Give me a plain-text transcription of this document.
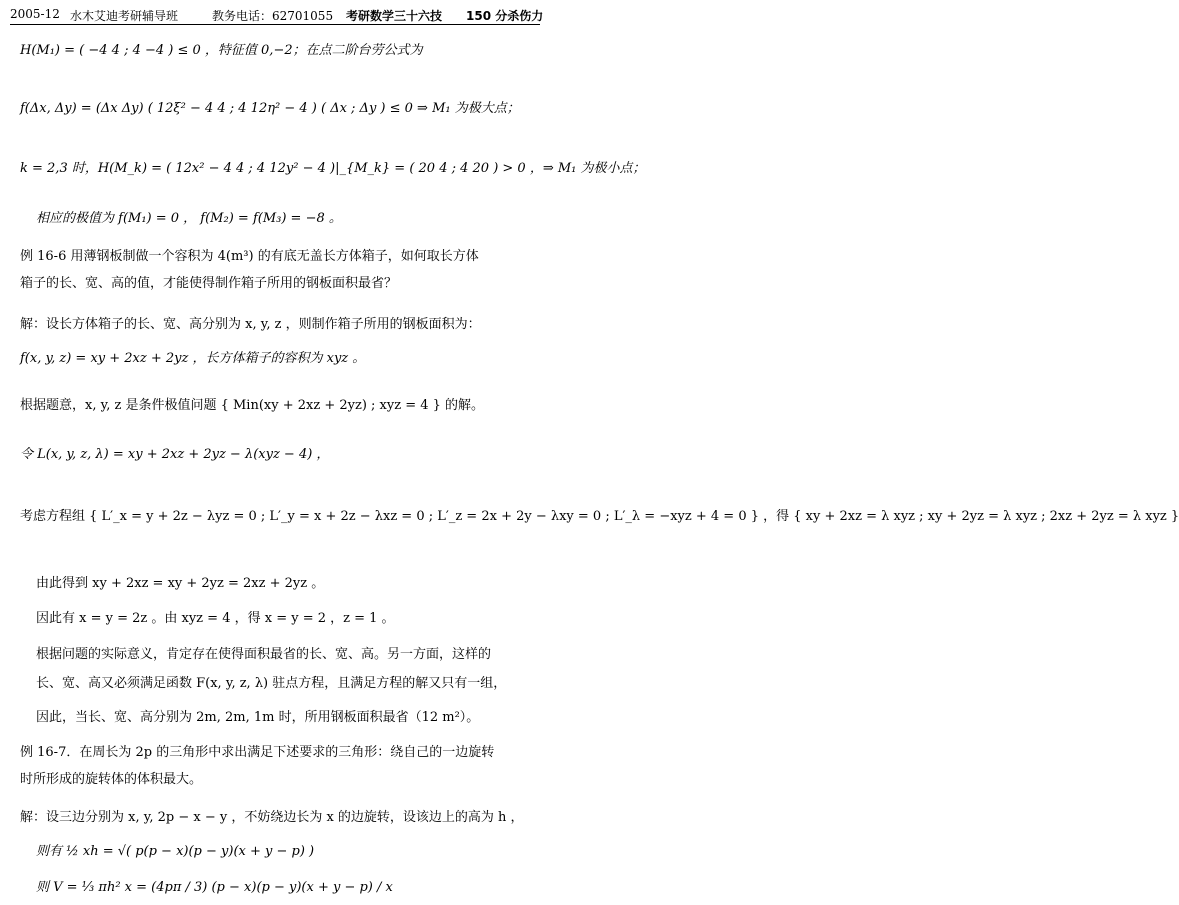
2005-12 水木艾迪考研辅导班	教务电话：62701055 考研数学三十六技 150 分杀伤力
H(M₁) = ( −4 4 ; 4 −4 ) ≤ 0 ，特征值 0,−2；在点二阶台劳公式为
f(Δx, Δy) = (Δx Δy) ( 12ξ² − 4 4 ; 4 12η² − 4 ) ( Δx ; Δy ) ≤ 0 ⇒ M₁ 为极大点；
k = 2,3 时，H(M_k) = ( 12x² − 4 4 ; 4 12y² − 4 )|_{M_k} = ( 20 4 ; 4 20 ) > 0 ，⇒ M₁ 为极小点；
相应的极值为 f(M₁) = 0 ， f(M₂) = f(M₃) = −8 。
例 16-6 用薄钢板制做一个容积为 4(m³) 的有底无盖长方体箱子，如何取长方体
箱子的长、宽、高的值，才能使得制作箱子所用的钢板面积最省？
解：设长方体箱子的长、宽、高分别为 x, y, z ，则制作箱子所用的钢板面积为：
f(x, y, z) = xy + 2xz + 2yz ，长方体箱子的容积为 xyz 。
根据题意，x, y, z 是条件极值问题 { Min(xy + 2xz + 2yz) ; xyz = 4 } 的解。
令 L(x, y, z, λ) = xy + 2xz + 2yz − λ(xyz − 4) ，
考虑方程组 { L′_x = y + 2z − λyz = 0 ; L′_y = x + 2z − λxz = 0 ; L′_z = 2x + 2y − λxy = 0 ; L′_λ = −xyz + 4 = 0 } ，得 { xy + 2xz = λ xyz ; xy + 2yz = λ xyz ; 2xz + 2yz = λ xyz }
由此得到 xy + 2xz = xy + 2yz = 2xz + 2yz 。
因此有 x = y = 2z 。由 xyz = 4 ，得 x = y = 2 ，z = 1 。
根据问题的实际意义，肯定存在使得面积最省的长、宽、高。另一方面，这样的
长、宽、高又必须满足函数 F(x, y, z, λ) 驻点方程，且满足方程的解又只有一组，
因此，当长、宽、高分别为 2m, 2m, 1m 时，所用钢板面积最省（12 m²）。
例 16-7．在周长为 2p 的三角形中求出满足下述要求的三角形：绕自己的一边旋转
时所形成的旋转体的体积最大。
解：设三边分别为 x, y, 2p − x − y ，不妨绕边长为 x 的边旋转，设该边上的高为 h ，
则有 ½ xh = √( p(p − x)(p − y)(x + y − p) )
则 V = ⅓ πh² x = (4pπ / 3) (p − x)(p − y)(x + y − p) / x
